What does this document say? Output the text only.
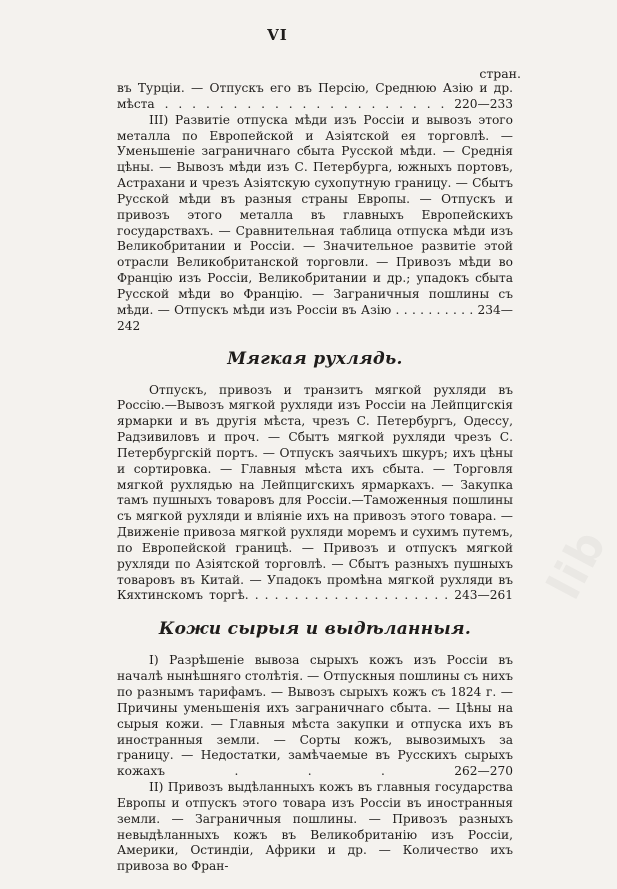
VI
стран.

въ Турціи. — Отпускъ его въ Персію, Среднюю Азію и др. мѣста . . . . . . . . . . . . . . . . . . . . . 220—233

III) Развитіе отпуска мѣди изъ Россіи и вывозъ этого металла по Европейской и Азіятской ея торговлѣ. — Уменьшеніе заграничнаго сбыта Русской мѣди. — Среднія цѣны. — Вывозъ мѣди изъ С. Петербурга, южныхъ портовъ, Астрахани и чрезъ Азіятскую сухопутную границу. — Сбытъ Русской мѣди въ разныя страны Европы. — Отпускъ и привозъ этого металла въ главныхъ Европейскихъ государствахъ. — Сравнительная таблица отпуска мѣди изъ Великобритании и Россіи. — Значительное развитіе этой отрасли Великобританской торговли. — Привозъ мѣди во Францію изъ Россіи, Великобритании и др.; упадокъ сбыта Русской мѣди во Францію. — Заграничныя пошлины съ мѣди. — Отпускъ мѣди изъ Россіи въ Азію . . . . . . . . . . 234—242

Мягкая рухлядь.

Отпускъ, привозъ и транзитъ мягкой рухляди въ Россію.—Вывозъ мягкой рухляди изъ Россіи на Лейпцигскія ярмарки и въ другія мѣста, чрезъ С. Петербургъ, Одессу, Радзивиловъ и проч. — Сбытъ мягкой рухляди чрезъ С. Петербургскій портъ. — Отпускъ заячьихъ шкуръ; ихъ цѣны и сортировка. — Главныя мѣста ихъ сбыта. — Торговля мягкой рухлядью на Лейпцигскихъ ярмаркахъ. — Закупка тамъ пушныхъ товаровъ для Россіи.—Таможенныя пошлины съ мягкой рухляди и вліяніе ихъ на привозъ этого товара. — Движеніе привоза мягкой рухляди моремъ и сухимъ путемъ, по Европейской границѣ. — Привозъ и отпускъ мягкой рухляди по Азіятской торговлѣ. — Сбытъ разныхъ пушныхъ товаровъ въ Китай. — Упадокъ промѣна мягкой рухляди въ Кяхтинскомъ торгѣ. . . . . . . . . . . . . . . . . . . . . 243—261

Кожи сырыя и выдѣланныя.

I) Разрѣшеніе вывоза сырыхъ кожъ изъ Россіи въ началѣ нынѣшняго столѣтія. — Отпускныя пошлины съ нихъ по разнымъ тарифамъ. — Вывозъ сырыхъ кожъ съ 1824 г. — Причины уменьшенія ихъ заграничнаго сбыта. — Цѣны на сырыя кожи. — Главныя мѣста закупки и отпуска ихъ въ иностранныя земли. — Сорты кожъ, вывозимыхъ за границу. — Недостатки, замѣчаемые въ Русскихъ сырыхъ кожахъ . . . 262—270

II) Привозъ выдѣланныхъ кожъ въ главныя государства Европы и отпускъ этого товара изъ Россіи въ иностранныя земли. — Заграничныя пошлины. — Привозъ разныхъ невыдѣланныхъ кожъ въ Великобританію изъ Россіи, Америки, Остиндіи, Африки и др. — Количество ихъ привоза во Фран-

lib
